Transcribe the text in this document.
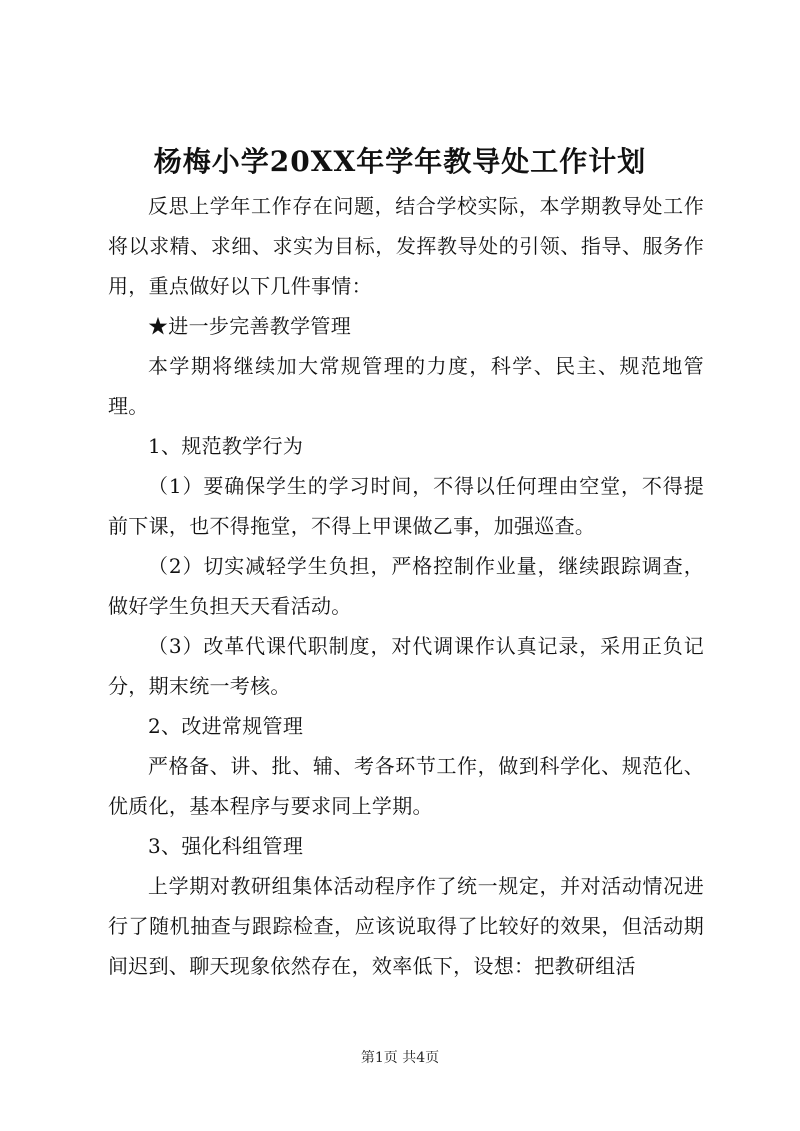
杨梅小学20XX年学年教导处工作计划

反思上学年工作存在问题，结合学校实际，本学期教导处工作将以求精、求细、求实为目标，发挥教导处的引领、指导、服务作用，重点做好以下几件事情：

★进一步完善教学管理

本学期将继续加大常规管理的力度，科学、民主、规范地管理。

1、规范教学行为

（1）要确保学生的学习时间，不得以任何理由空堂，不得提前下课，也不得拖堂，不得上甲课做乙事，加强巡查。

（2）切实减轻学生负担，严格控制作业量，继续跟踪调查，做好学生负担天天看活动。

（3）改革代课代职制度，对代调课作认真记录，采用正负记分，期末统一考核。

2、改进常规管理

严格备、讲、批、辅、考各环节工作，做到科学化、规范化、优质化，基本程序与要求同上学期。

3、强化科组管理

上学期对教研组集体活动程序作了统一规定，并对活动情况进行了随机抽查与跟踪检查，应该说取得了比较好的效果，但活动期间迟到、聊天现象依然存在，效率低下，设想：把教研组活

第1页 共4页
